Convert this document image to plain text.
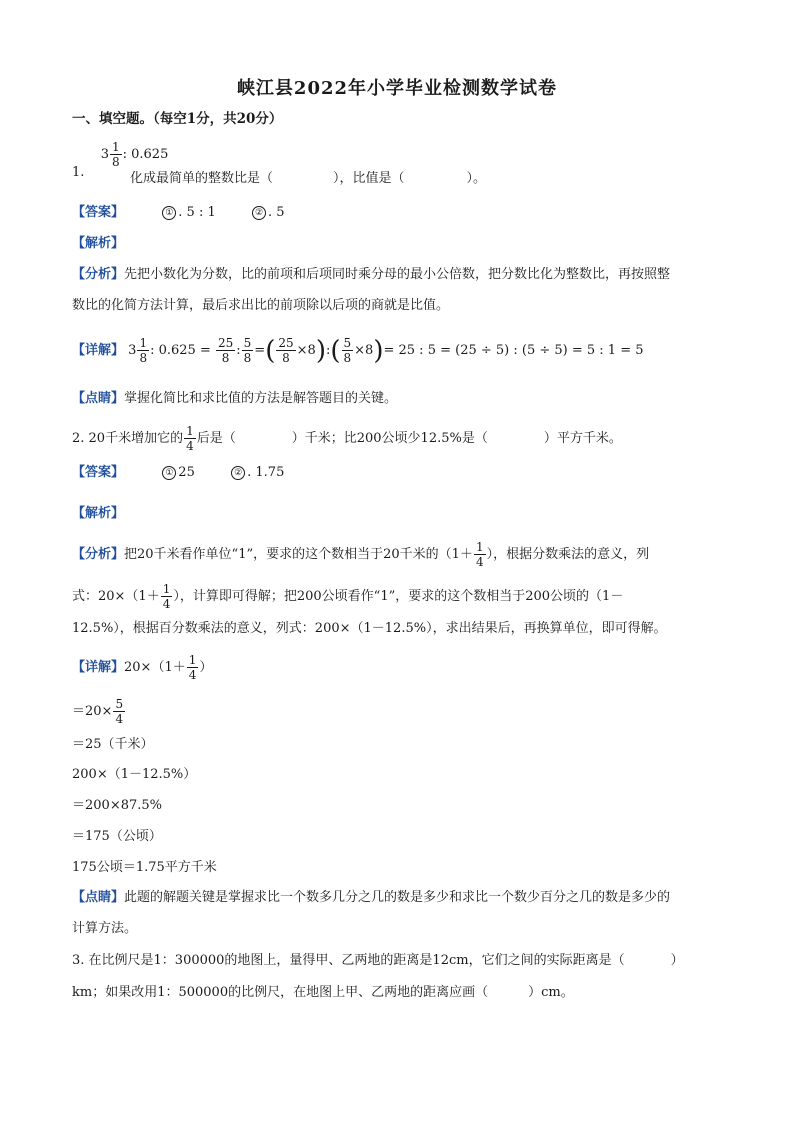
峡江县2022年小学毕业检测数学试卷
一、填空题。（每空1分，共20分）
1.  $3 \frac{1}{8}$ : 0.625
化成最简单的整数比是（	），比值是（	）。
【答案】	① . 5 : 1	② . 5
【解析】
【分析】先把小数化为分数，比的前项和后项同时乘分母的最小公倍数，把分数比化为整数比，再按照整
数比的化简方法计算，最后求出比的前项除以后项的商就是比值。
【详解】 $3 \frac{1}{8}$ : $0.625 = \frac{25}{8}$ : $\frac{5}{8}$ =( $\frac{25}{8}$ ×8):( $\frac{5}{8} \times 8)= 25$ : 5 = (25 ÷ 5) : (5 ÷ 5) = 5 : 1 = 5
【点睛】掌握化简比和求比值的方法是解答题目的关键。
2. 20千米增加它的 $\frac{1}{4}$ 后是（	）千米；比200公顷少12.5%是（	）平方千米。
【答案】	① 25	② . 1.75
【解析】
【分析】把20千米看作单位“1”，要求的这个数相当于20千米的（$1+ \frac{1}{4}$ ），根据分数乘法的意义，列
式：$20\times(1+ \frac{1}{4}$ ），计算即可得解；把200公顷看作“1”，要求的这个数相当于200公顷的（1－
12.5%），根据百分数乘法的意义，列式：200×（1－12.5%），求出结果后，再换算单位，即可得解。
【详解】$20\times(1+ \frac{1}{4}$ ）
$=20\times \frac{5}{4}$
＝25（千米）
200×（1－12.5%）
＝200×87.5%
＝175（公顷）
175公顷＝1.75平方千米
【点睛】此题的解题关键是掌握求比一个数多几分之几的数是多少和求比一个数少百分之几的数是多少的
计算方法。
3. 在比例尺是1：300000的地图上，量得甲、乙两地的距离是12cm，它们之间的实际距离是（	）
km；如果改用1：500000的比例尺，在地图上甲、乙两地的距离应画（	）cm。
